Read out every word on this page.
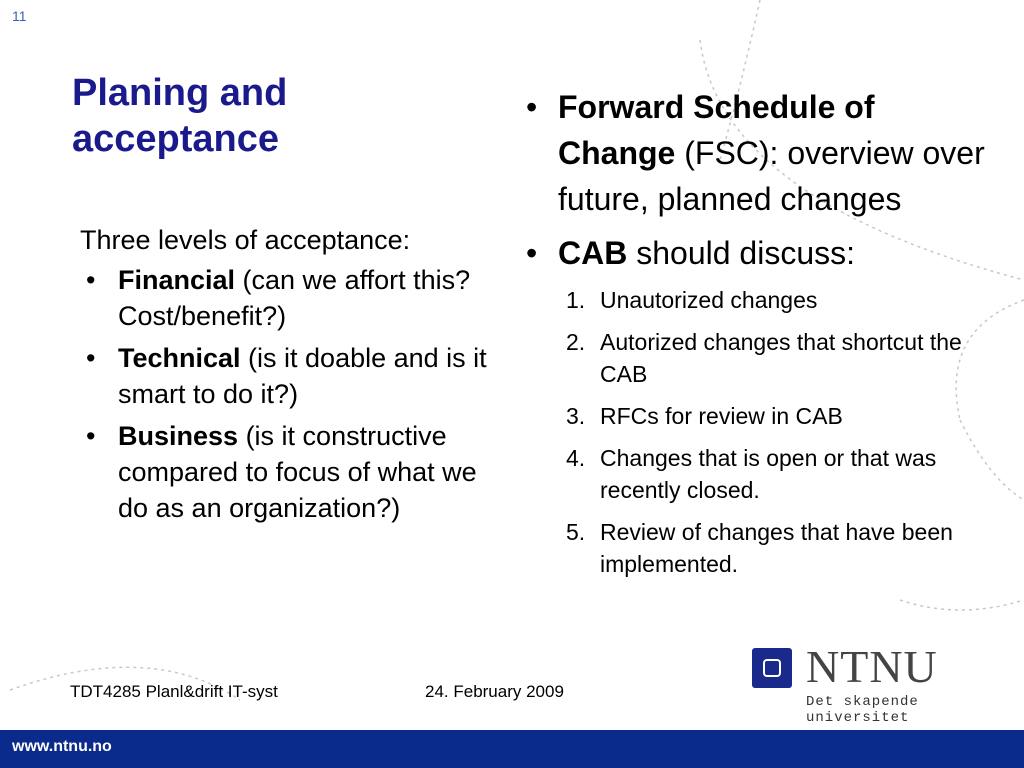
11
Planing and acceptance

Three levels of acceptance:

• Financial (can we affort this? Cost/benefit?)
• Technical (is it doable and is it smart to do it?)
• Business (is it constructive compared to focus of what we do as an organization?)
• Forward Schedule of Change (FSC): overview over future, planned changes
• CAB should discuss:
1. Unautorized changes
2. Autorized changes that shortcut the CAB
3. RFCs for review in CAB
4. Changes that is open or that was recently closed.
5. Review of changes that have been implemented.
TDT4285 Planl&drift IT-syst	24. February 2009	NTNU
Det skapende universitet
www.ntnu.no
